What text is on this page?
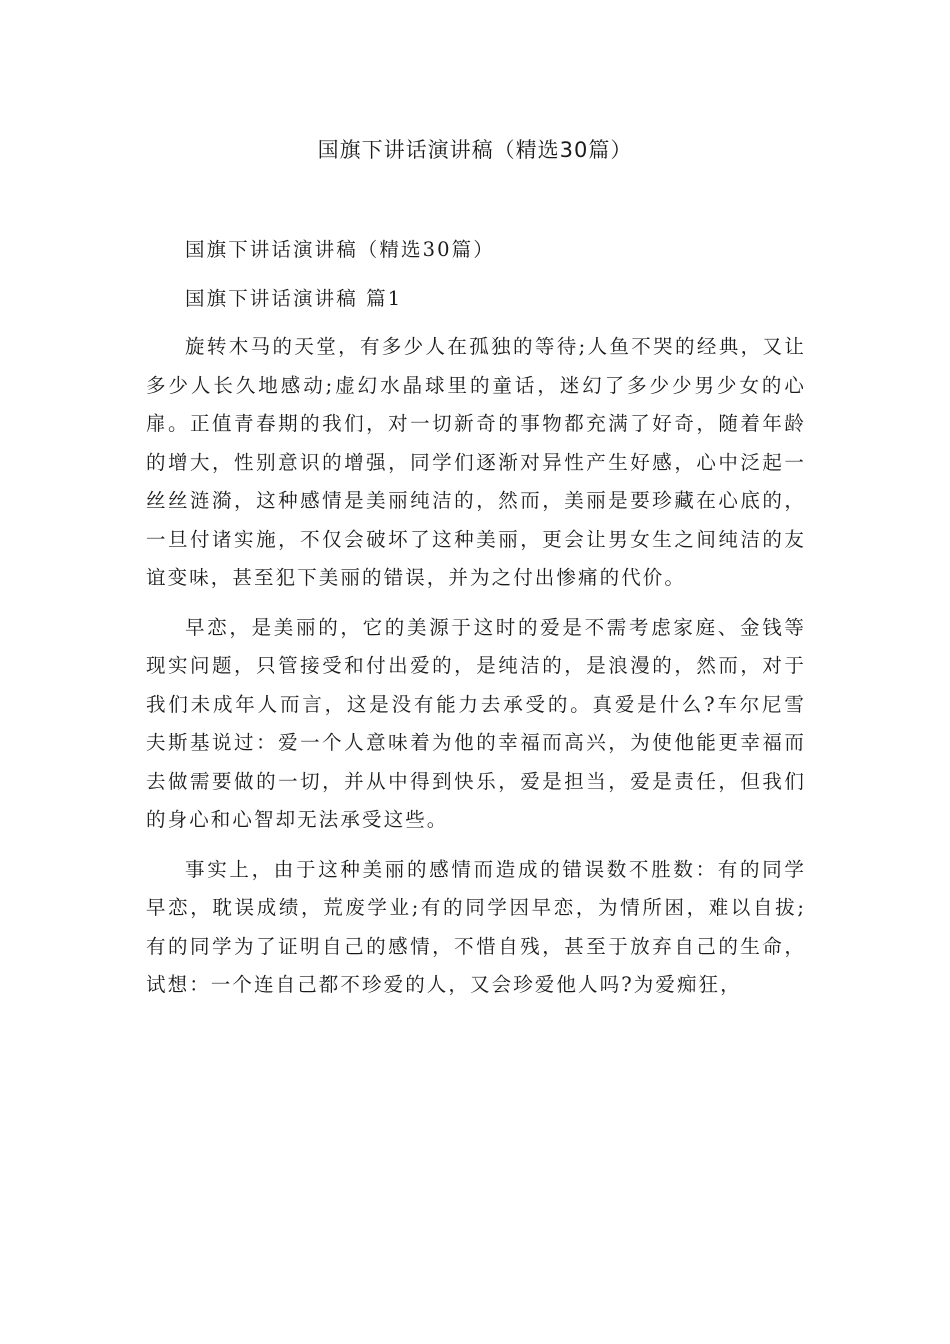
国旗下讲话演讲稿（精选30篇）

国旗下讲话演讲稿（精选30篇）

国旗下讲话演讲稿 篇1

旋转木马的天堂，有多少人在孤独的等待;人鱼不哭的经典，又让多少人长久地感动;虚幻水晶球里的童话，迷幻了多少少男少女的心扉。正值青春期的我们，对一切新奇的事物都充满了好奇，随着年龄的增大，性别意识的增强，同学们逐渐对异性产生好感，心中泛起一丝丝涟漪，这种感情是美丽纯洁的，然而，美丽是要珍藏在心底的，一旦付诸实施，不仅会破坏了这种美丽，更会让男女生之间纯洁的友谊变味，甚至犯下美丽的错误，并为之付出惨痛的代价。

早恋，是美丽的，它的美源于这时的爱是不需考虑家庭、金钱等现实问题，只管接受和付出爱的，是纯洁的，是浪漫的，然而，对于我们未成年人而言，这是没有能力去承受的。真爱是什么?车尔尼雪夫斯基说过：爱一个人意味着为他的幸福而高兴，为使他能更幸福而去做需要做的一切，并从中得到快乐，爱是担当，爱是责任，但我们的身心和心智却无法承受这些。

事实上，由于这种美丽的感情而造成的错误数不胜数：有的同学早恋，耽误成绩，荒废学业;有的同学因早恋，为情所困，难以自拔;有的同学为了证明自己的感情，不惜自残，甚至于放弃自己的生命，试想：一个连自己都不珍爱的人，又会珍爱他人吗?为爱痴狂，
